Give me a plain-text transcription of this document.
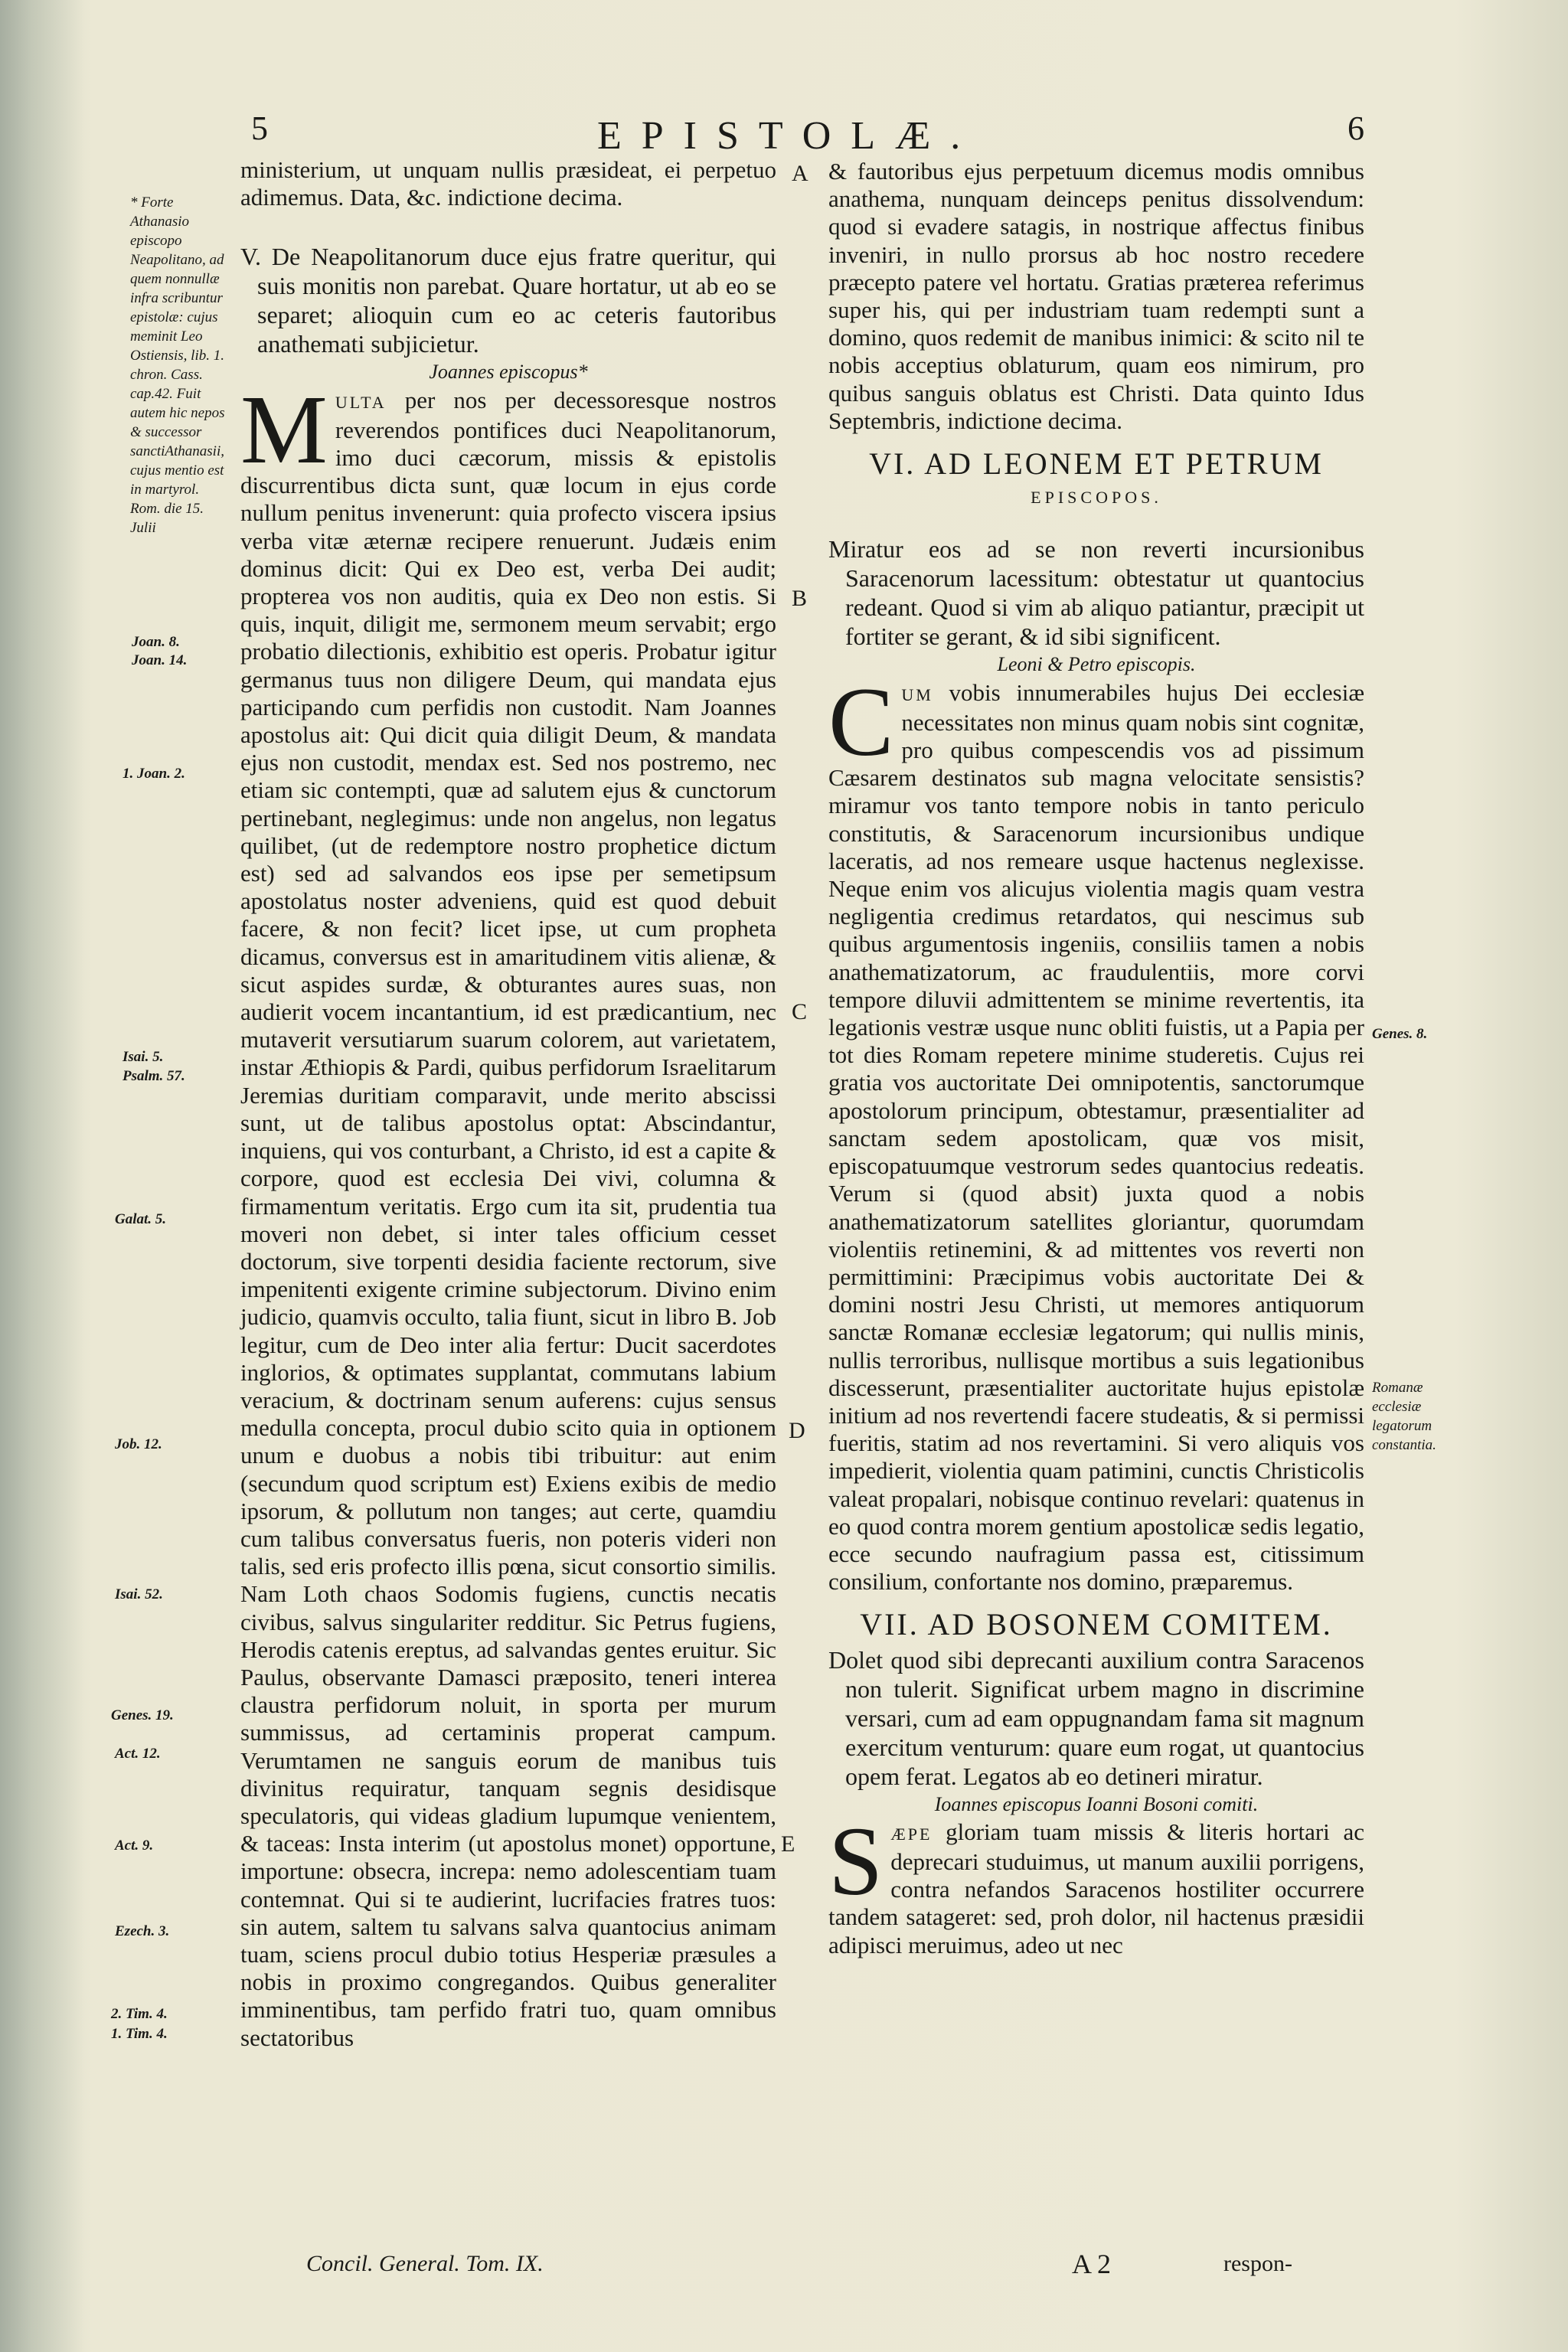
5	EPISTOLÆ.	6
* Forte Athanasio episcopo Neapolitano, ad quem nonnullæ infra scribuntur epistolæ: cujus meminit Leo Ostiensis, lib. 1. chron. Cass. cap.42. Fuit autem hic nepos & successor sanctiAthanasii, cujus mentio est in martyrol. Rom. die 15. Julii
Joan. 8.
Joan. 14.
1. Joan. 2.
Isai. 5.
Psalm. 57.
Galat. 5.
Job. 12.
Isai. 52.
Genes. 19.
Act. 12.
Act. 9.
Ezech. 3.
2. Tim. 4.
1. Tim. 4.

ministerium, ut unquam nullis præsideat, ei perpetuo adimemus. Data, &c. indictione decima.

V. De Neapolitanorum duce ejus fratre queritur, qui suis monitis non parebat. Quare hortatur, ut ab eo se separet; alioquin cum eo ac ceteris fautoribus anathemati subjicietur.

Joannes episcopus*

MULTA per nos per decessoresque nostros reverendos pontifices duci Neapolitanorum, imo duci cæcorum, missis & epistolis discurrentibus dicta sunt, quæ locum in ejus corde nullum penitus invenerunt: quia profecto viscera ipsius verba vitæ æternæ recipere renuerunt. Judæis enim dominus dicit: Qui ex Deo est, verba Dei audit; propterea vos non auditis, quia ex Deo non estis. Si quis, inquit, diligit me, sermonem meum servabit; ergo probatio dilectionis, exhibitio est operis. Probatur igitur germanus tuus non diligere Deum, qui mandata ejus participando cum perfidis non custodit. Nam Joannes apostolus ait: Qui dicit quia diligit Deum, & mandata ejus non custodit, mendax est. Sed nos postremo, nec etiam sic contempti, quæ ad salutem ejus & cunctorum pertinebant, neglegimus: unde non angelus, non legatus quilibet, (ut de redemptore nostro prophetice dictum est) sed ad salvandos eos ipse per semetipsum apostolatus noster adveniens, quid est quod debuit facere, & non fecit? licet ipse, ut cum propheta dicamus, conversus est in amaritudinem vitis alienæ, & sicut aspides surdæ, & obturantes aures suas, non audierit vocem incantantium, id est prædicantium, nec mutaverit versutiarum suarum colorem, aut varietatem, instar Æthiopis & Pardi, quibus perfidorum Israelitarum Jeremias duritiam comparavit, unde merito abscissi sunt, ut de talibus apostolus optat: Abscindantur, inquiens, qui vos conturbant, a Christo, id est a capite & corpore, quod est ecclesia Dei vivi, columna & firmamentum veritatis. Ergo cum ita sit, prudentia tua moveri non debet, si inter tales officium cesset doctorum, sive torpenti desidia faciente rectorum, sive impenitenti exigente crimine subjectorum. Divino enim judicio, quamvis occulto, talia fiunt, sicut in libro B. Job legitur, cum de Deo inter alia fertur: Ducit sacerdotes inglorios, & optimates supplantat, commutans labium veracium, & doctrinam senum auferens: cujus sensus medulla concepta, procul dubio scito quia in optionem unum e duobus a nobis tibi tribuitur: aut enim (secundum quod scriptum est) Exiens exibis de medio ipsorum, & pollutum non tanges; aut certe, quamdiu cum talibus conversatus fueris, non poteris videri non talis, sed eris profecto illis pœna, sicut consortio similis. Nam Loth chaos Sodomis fugiens, cunctis necatis civibus, salvus singulariter redditur. Sic Petrus fugiens, Herodis catenis ereptus, ad salvandas gentes eruitur. Sic Paulus, observante Damasci præposito, teneri interea claustra perfidorum noluit, in sporta per murum summissus, ad certaminis properat campum. Verumtamen ne sanguis eorum de manibus tuis divinitus requiratur, tanquam segnis desidisque speculatoris, qui videas gladium lupumque venientem, & taceas: Insta interim (ut apostolus monet) opportune, importune: obsecra, increpa: nemo adolescentiam tuam contemnat. Qui si te audierint, lucrifacies fratres tuos: sin autem, saltem tu salvans salva quantocius animam tuam, sciens procul dubio totius Hesperiæ præsules a nobis in proximo congregandos. Quibus generaliter imminentibus, tam perfido fratri tuo, quam omnibus sectatoribus

A
B
C
D
E

& fautoribus ejus perpetuum dicemus modis omnibus anathema, nunquam deinceps penitus dissolvendum: quod si evadere satagis, in nostrique affectus finibus inveniri, in nullo prorsus ab hoc nostro recedere præcepto patere vel hortatu. Gratias præterea referimus super his, qui per industriam tuam redempti sunt a domino, quos redemit de manibus inimici: & scito nil te nobis acceptius oblaturum, quam eos nimirum, pro quibus sanguis oblatus est Christi. Data quinto Idus Septembris, indictione decima.

VI. AD LEONEM ET PETRUM
EPISCOPOS.

Miratur eos ad se non reverti incursionibus Saracenorum lacessitum: obtestatur ut quantocius redeant. Quod si vim ab aliquo patiantur, præcipit ut fortiter se gerant, & id sibi significent.

Leoni & Petro episcopis.

CUM vobis innumerabiles hujus Dei ecclesiæ necessitates non minus quam nobis sint cognitæ, pro quibus compescendis vos ad pissimum Cæsarem destinatos sub magna velocitate sensistis? miramur vos tanto tempore nobis in tanto periculo constitutis, & Saracenorum incursionibus undique laceratis, ad nos remeare usque hactenus neglexisse. Neque enim vos alicujus violentia magis quam vestra negligentia credimus retardatos, qui nescimus sub quibus argumentosis ingeniis, consiliis tamen a nobis anathematizatorum, ac fraudulentiis, more corvi tempore diluvii admittentem se minime revertentis, ita legationis vestræ usque nunc obliti fuistis, ut a Papia per tot dies Romam repetere minime studeretis. Cujus rei gratia vos auctoritate Dei omnipotentis, sanctorumque apostolorum principum, obtestamur, præsentialiter ad sanctam sedem apostolicam, quæ vos misit, episcopatuumque vestrorum sedes quantocius redeatis. Verum si (quod absit) juxta quod a nobis anathematizatorum satellites gloriantur, quorumdam violentiis retinemini, & ad mittentes vos reverti non permittimini: Præcipimus vobis auctoritate Dei & domini nostri Jesu Christi, ut memores antiquorum sanctæ Romanæ ecclesiæ legatorum; qui nullis minis, nullis terroribus, nullisque mortibus a suis legationibus discesserunt, præsentialiter auctoritate hujus epistolæ initium ad nos revertendi facere studeatis, & si permissi fueritis, statim ad nos revertamini. Si vero aliquis vos impedierit, violentia quam patimini, cunctis Christicolis valeat propalari, nobisque continuo revelari: quatenus in eo quod contra morem gentium apostolicæ sedis legatio, ecce secundo naufragium passa est, citissimum consilium, confortante nos domino, præparemus.

VII. AD BOSONEM COMITEM.

Dolet quod sibi deprecanti auxilium contra Saracenos non tulerit. Significat urbem magno in discrimine versari, cum ad eam oppugnandam fama sit magnum exercitum venturum: quare eum rogat, ut quantocius opem ferat. Legatos ab eo detineri miratur.

Ioannes episcopus Ioanni Bosoni comiti.

SÆPE gloriam tuam missis & literis hortari ac deprecari studuimus, ut manum auxilii porrigens, contra nefandos Saracenos hostiliter occurrere tandem satageret: sed, proh dolor, nil hactenus præsidii adipisci meruimus, adeo ut nec

Genes. 8.
Romanæ ecclesiæ legatorum constantia.
Concil. General. Tom. IX.	A 2	respon-
